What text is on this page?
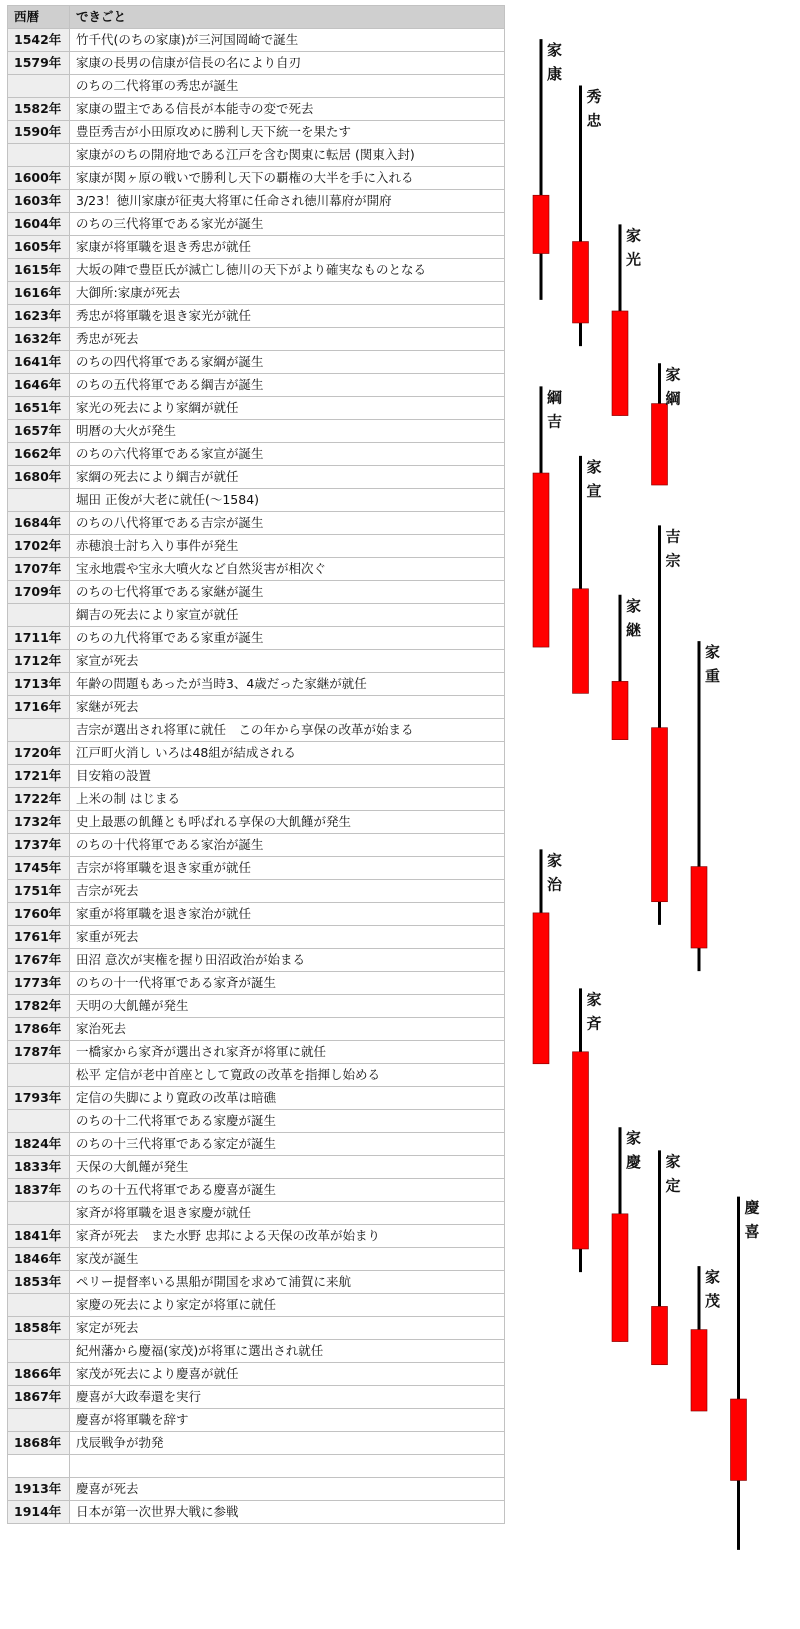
西暦	できごと
1542年	竹千代(のちの家康)が三河国岡崎で誕生
1579年	家康の長男の信康が信長の名により自刃
	のちの二代将軍の秀忠が誕生
1582年	家康の盟主である信長が本能寺の変で死去
1590年	豊臣秀吉が小田原攻めに勝利し天下統一を果たす
	家康がのちの開府地である江戸を含む関東に転居 (関東入封)
1600年	家康が関ヶ原の戦いで勝利し天下の覇権の大半を手に入れる
1603年	3/23！徳川家康が征夷大将軍に任命され徳川幕府が開府
1604年	のちの三代将軍である家光が誕生
1605年	家康が将軍職を退き秀忠が就任
1615年	大坂の陣で豊臣氏が滅亡し徳川の天下がより確実なものとなる
1616年	大御所:家康が死去
1623年	秀忠が将軍職を退き家光が就任
1632年	秀忠が死去
1641年	のちの四代将軍である家綱が誕生
1646年	のちの五代将軍である綱吉が誕生
1651年	家光の死去により家綱が就任
1657年	明暦の大火が発生
1662年	のちの六代将軍である家宣が誕生
1680年	家綱の死去により綱吉が就任
	堀田 正俊が大老に就任(〜1584)
1684年	のちの八代将軍である吉宗が誕生
1702年	赤穂浪士討ち入り事件が発生
1707年	宝永地震や宝永大噴火など自然災害が相次ぐ
1709年	のちの七代将軍である家継が誕生
	綱吉の死去により家宣が就任
1711年	のちの九代将軍である家重が誕生
1712年	家宣が死去
1713年	年齢の問題もあったが当時3、4歳だった家継が就任
1716年	家継が死去
	吉宗が選出され将軍に就任　この年から享保の改革が始まる
1720年	江戸町火消し いろは48組が結成される
1721年	目安箱の設置
1722年	上米の制 はじまる
1732年	史上最悪の飢饉とも呼ばれる享保の大飢饉が発生
1737年	のちの十代将軍である家治が誕生
1745年	吉宗が将軍職を退き家重が就任
1751年	吉宗が死去
1760年	家重が将軍職を退き家治が就任
1761年	家重が死去
1767年	田沼 意次が実権を握り田沼政治が始まる
1773年	のちの十一代将軍である家斉が誕生
1782年	天明の大飢饉が発生
1786年	家治死去
1787年	一橋家から家斉が選出され家斉が将軍に就任
	松平 定信が老中首座として寛政の改革を指揮し始める
1793年	定信の失脚により寛政の改革は暗礁
	のちの十二代将軍である家慶が誕生
1824年	のちの十三代将軍である家定が誕生
1833年	天保の大飢饉が発生
1837年	のちの十五代将軍である慶喜が誕生
	家斉が将軍職を退き家慶が就任
1841年	家斉が死去　また水野 忠邦による天保の改革が始まり
1846年	家茂が誕生
1853年	ペリー提督率いる黒船が開国を求めて浦賀に来航
	家慶の死去により家定が将軍に就任
1858年	家定が死去
	紀州藩から慶福(家茂)が将軍に選出され就任
1866年	家茂が死去により慶喜が就任
1867年	慶喜が大政奉還を実行
	慶喜が将軍職を辞す
1868年	戊辰戦争が勃発

1913年	慶喜が死去
1914年	日本が第一次世界大戦に参戦
家
康
秀
忠
家
光
家
綱
綱
吉
家
宣
家
継
吉
宗
家
重
家
治
家
斉
家
慶 家
定
家
茂
慶
喜
